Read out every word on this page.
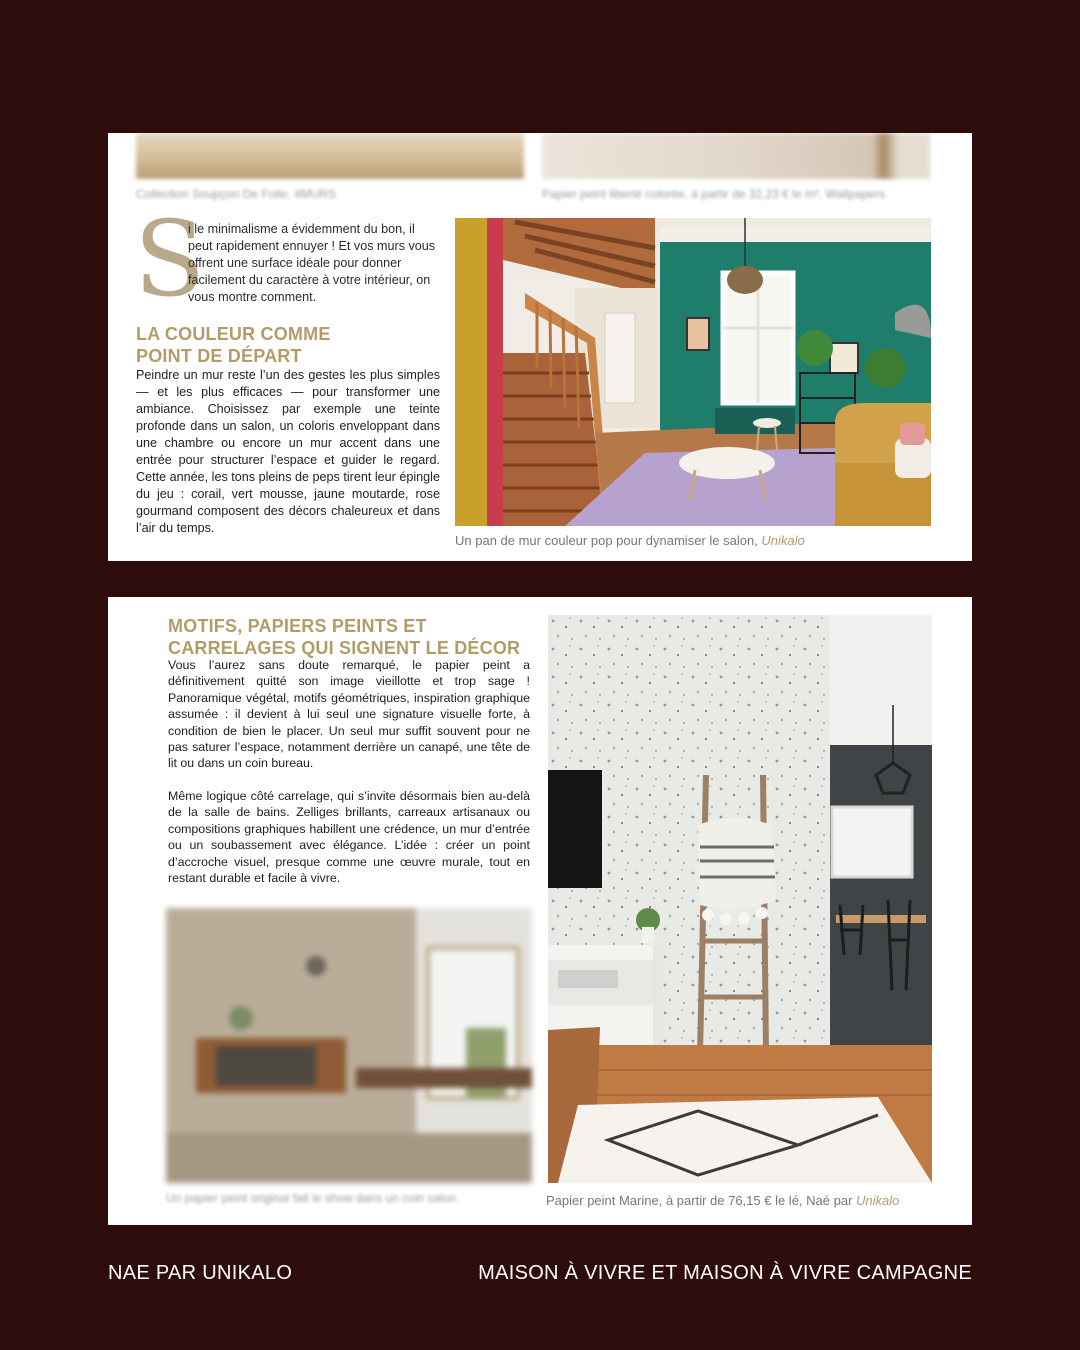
Collection Soupçon De Folie, 4MURS	Papier peint liberté colorée, à partir de 32,23 € le m², Wallpapers
S
i le minimalisme a évidemment du bon, il peut rapidement ennuyer ! Et vos murs vous offrent une surface idéale pour donner facilement du caractère à votre intérieur, on vous montre comment.
LA COULEUR COMME
POINT DE DÉPART
Peindre un mur reste l’un des gestes les plus simples — et les plus efficaces — pour transformer une ambiance. Choisissez par exemple une teinte profonde dans un salon, un coloris enveloppant dans une chambre ou encore un mur accent dans une entrée pour structurer l’espace et guider le regard. Cette année, les tons pleins de peps tirent leur épingle du jeu : corail, vert mousse, jaune moutarde, rose gourmand composent des décors chaleureux et dans l’air du temps.
Un pan de mur couleur pop pour dynamiser le salon, Unikalo
MOTIFS, PAPIERS PEINTS ET
CARRELAGES QUI SIGNENT LE DÉCOR
Vous l’aurez sans doute remarqué, le papier peint a définitivement quitté son image vieillotte et trop sage ! Panoramique végétal, motifs géométriques, inspiration graphique assumée : il devient à lui seul une signature visuelle forte, à condition de bien le placer. Un seul mur suffit souvent pour ne pas saturer l’espace, notamment derrière un canapé, une tête de lit ou dans un coin bureau.
Même logique côté carrelage, qui s’invite désormais bien au-delà de la salle de bains. Zelliges brillants, carreaux artisanaux ou compositions graphiques habillent une crédence, un mur d’entrée ou un soubassement avec élégance. L’idée : créer un point d’accroche visuel, presque comme une œuvre murale, tout en restant durable et facile à vivre.
Un papier peint original fait le show dans un coin salon	Papier peint Marine, à partir de 76,15 € le lé, Naé par Unikalo
NAE PAR UNIKALO	MAISON À VIVRE ET MAISON À VIVRE CAMPAGNE
